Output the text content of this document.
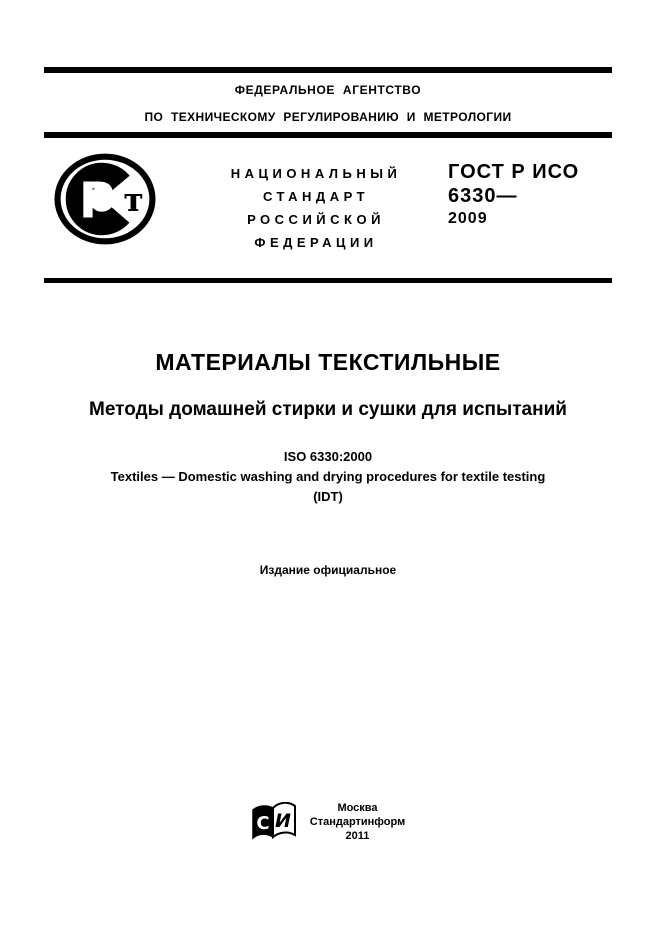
ФЕДЕРАЛЬНОЕ АГЕНТСТВО
ПО ТЕХНИЧЕСКОМУ РЕГУЛИРОВАНИЮ И МЕТРОЛОГИИ
Р т
НАЦИОНАЛЬНЫЙ
СТАНДАРТ
РОССИЙСКОЙ
ФЕДЕРАЦИИ
ГОСТ Р ИСО
6330—
2009
МАТЕРИАЛЫ ТЕКСТИЛЬНЫЕ
Методы домашней стирки и сушки для испытаний
ISO 6330:2000
Textiles — Domestic washing and drying procedures for textile testing
(IDT)
Издание официальное
С И
Москва
Стандартинформ
2011
